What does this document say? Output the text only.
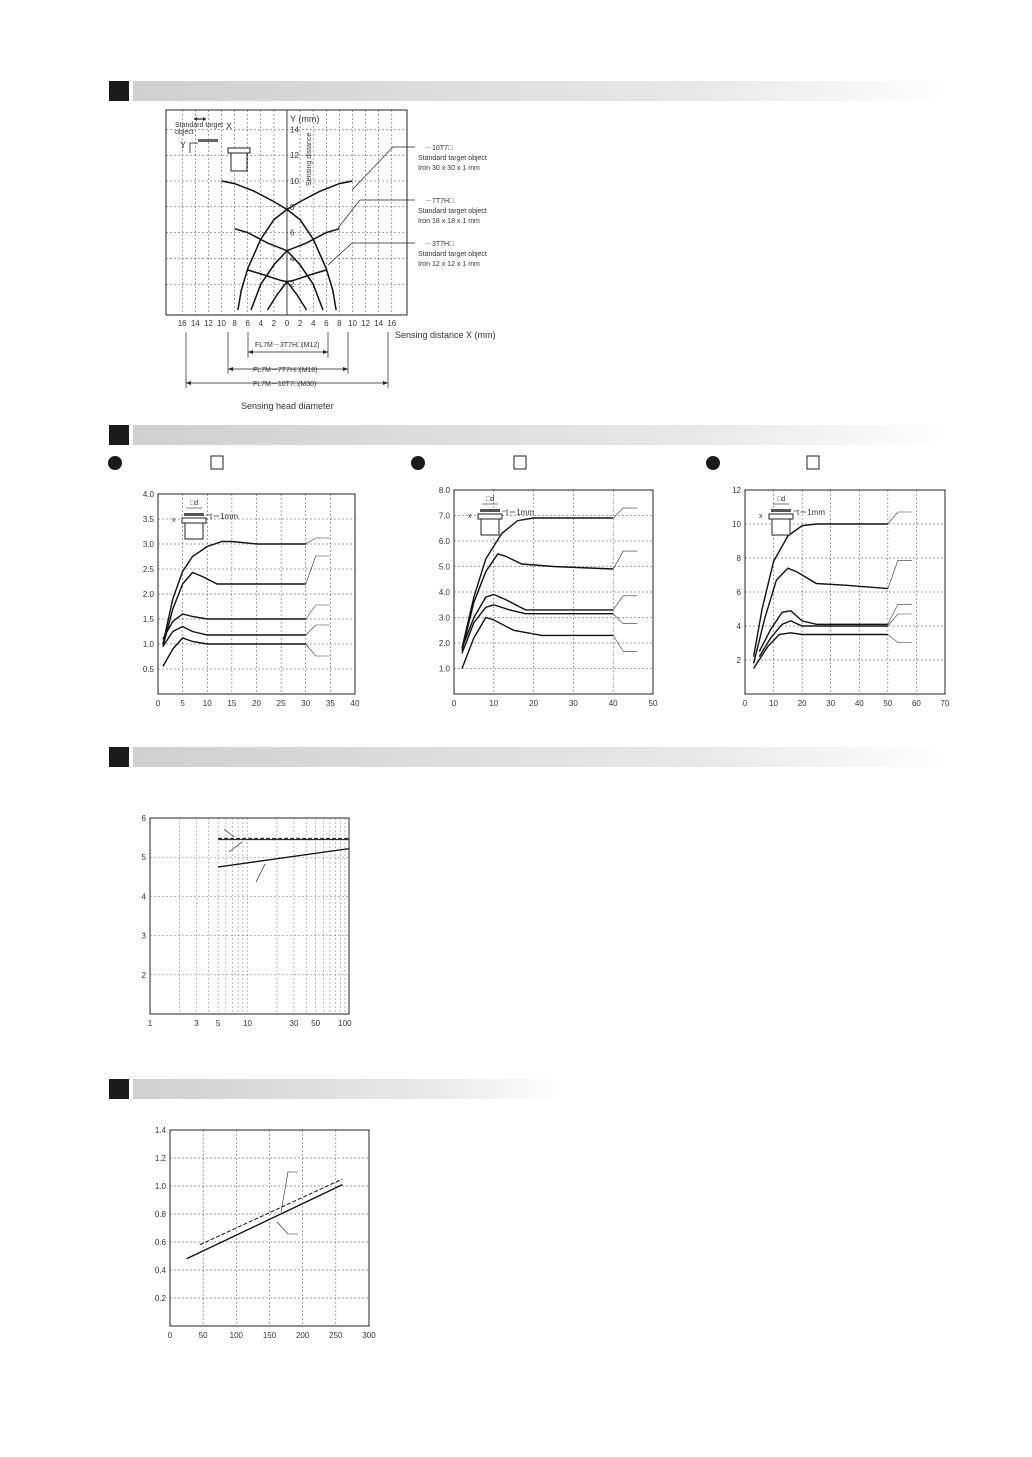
16 14 12 10 8 6 4 2 0 2 4 6 8 10 12 14 16
2
4
6
8
10
12
14
Y (mm)
Sensing distance
Sensing distance X (mm)
Standard target
object
X
Y	－10T7□
Standard target object
Iron 30 x 30 x 1 mm
－7T7H□
Standard target object
Iron 18 x 18 x 1 mm
－3T7H□
Standard target object
Iron 12 x 12 x 1 mm
FL7M－3T7H□(M12)
FL7M－7T7H□(M18)
FL7M－10T7□(M30)
Sensing head diameter
0	5 10 15 20 25 30 35 40
0.5
1.0
1.5
2.0
2.5
3.0
3.5
4.0
□d
x	t＝1mm
0	10	20	30	40	50
1.0
2.0
3.0
4.0
5.0
6.0
7.0
8.0
□d
x	t＝1mm
0	10 20 30 40 50 60 70
2
4
6
8
10
12
□d
x	t＝1mm
2
3
4
5
6
1	3 5	10	30 50 100
0	50	100 150 200 250 300
0.2
0.4
0.6
0.8
1.0
1.2
1.4
